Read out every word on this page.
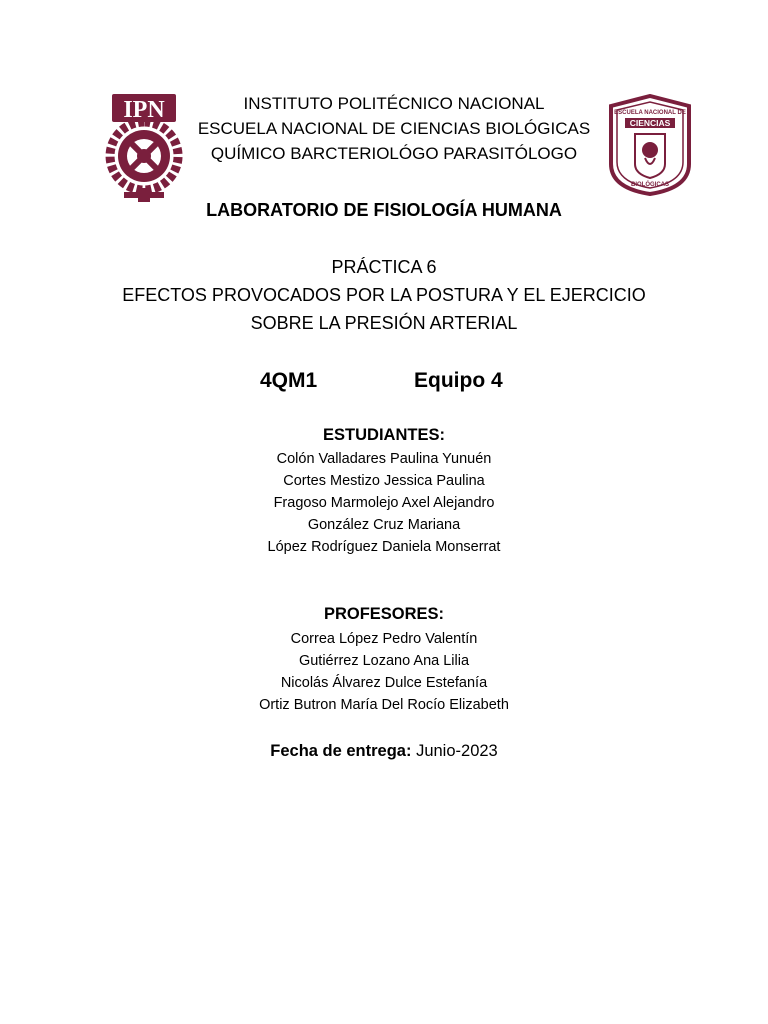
IPN	ESCUELA NACIONAL DE
CIENCIAS
BIOLÓGICAS
INSTITUTO POLITÉCNICO NACIONAL
ESCUELA NACIONAL DE CIENCIAS BIOLÓGICAS
QUÍMICO BARCTERIOLÓGO PARASITÓLOGO
LABORATORIO DE FISIOLOGÍA HUMANA
PRÁCTICA 6
EFECTOS PROVOCADOS POR LA POSTURA Y EL EJERCICIO
SOBRE LA PRESIÓN ARTERIAL
4QM1	Equipo 4
ESTUDIANTES:
Colón Valladares Paulina Yunuén
Cortes Mestizo Jessica Paulina
Fragoso Marmolejo Axel Alejandro
González Cruz Mariana
López Rodríguez Daniela Monserrat
PROFESORES:
Correa López Pedro Valentín
Gutiérrez Lozano Ana Lilia
Nicolás Álvarez Dulce Estefanía
Ortiz Butron María Del Rocío Elizabeth
Fecha de entrega: Junio-2023
